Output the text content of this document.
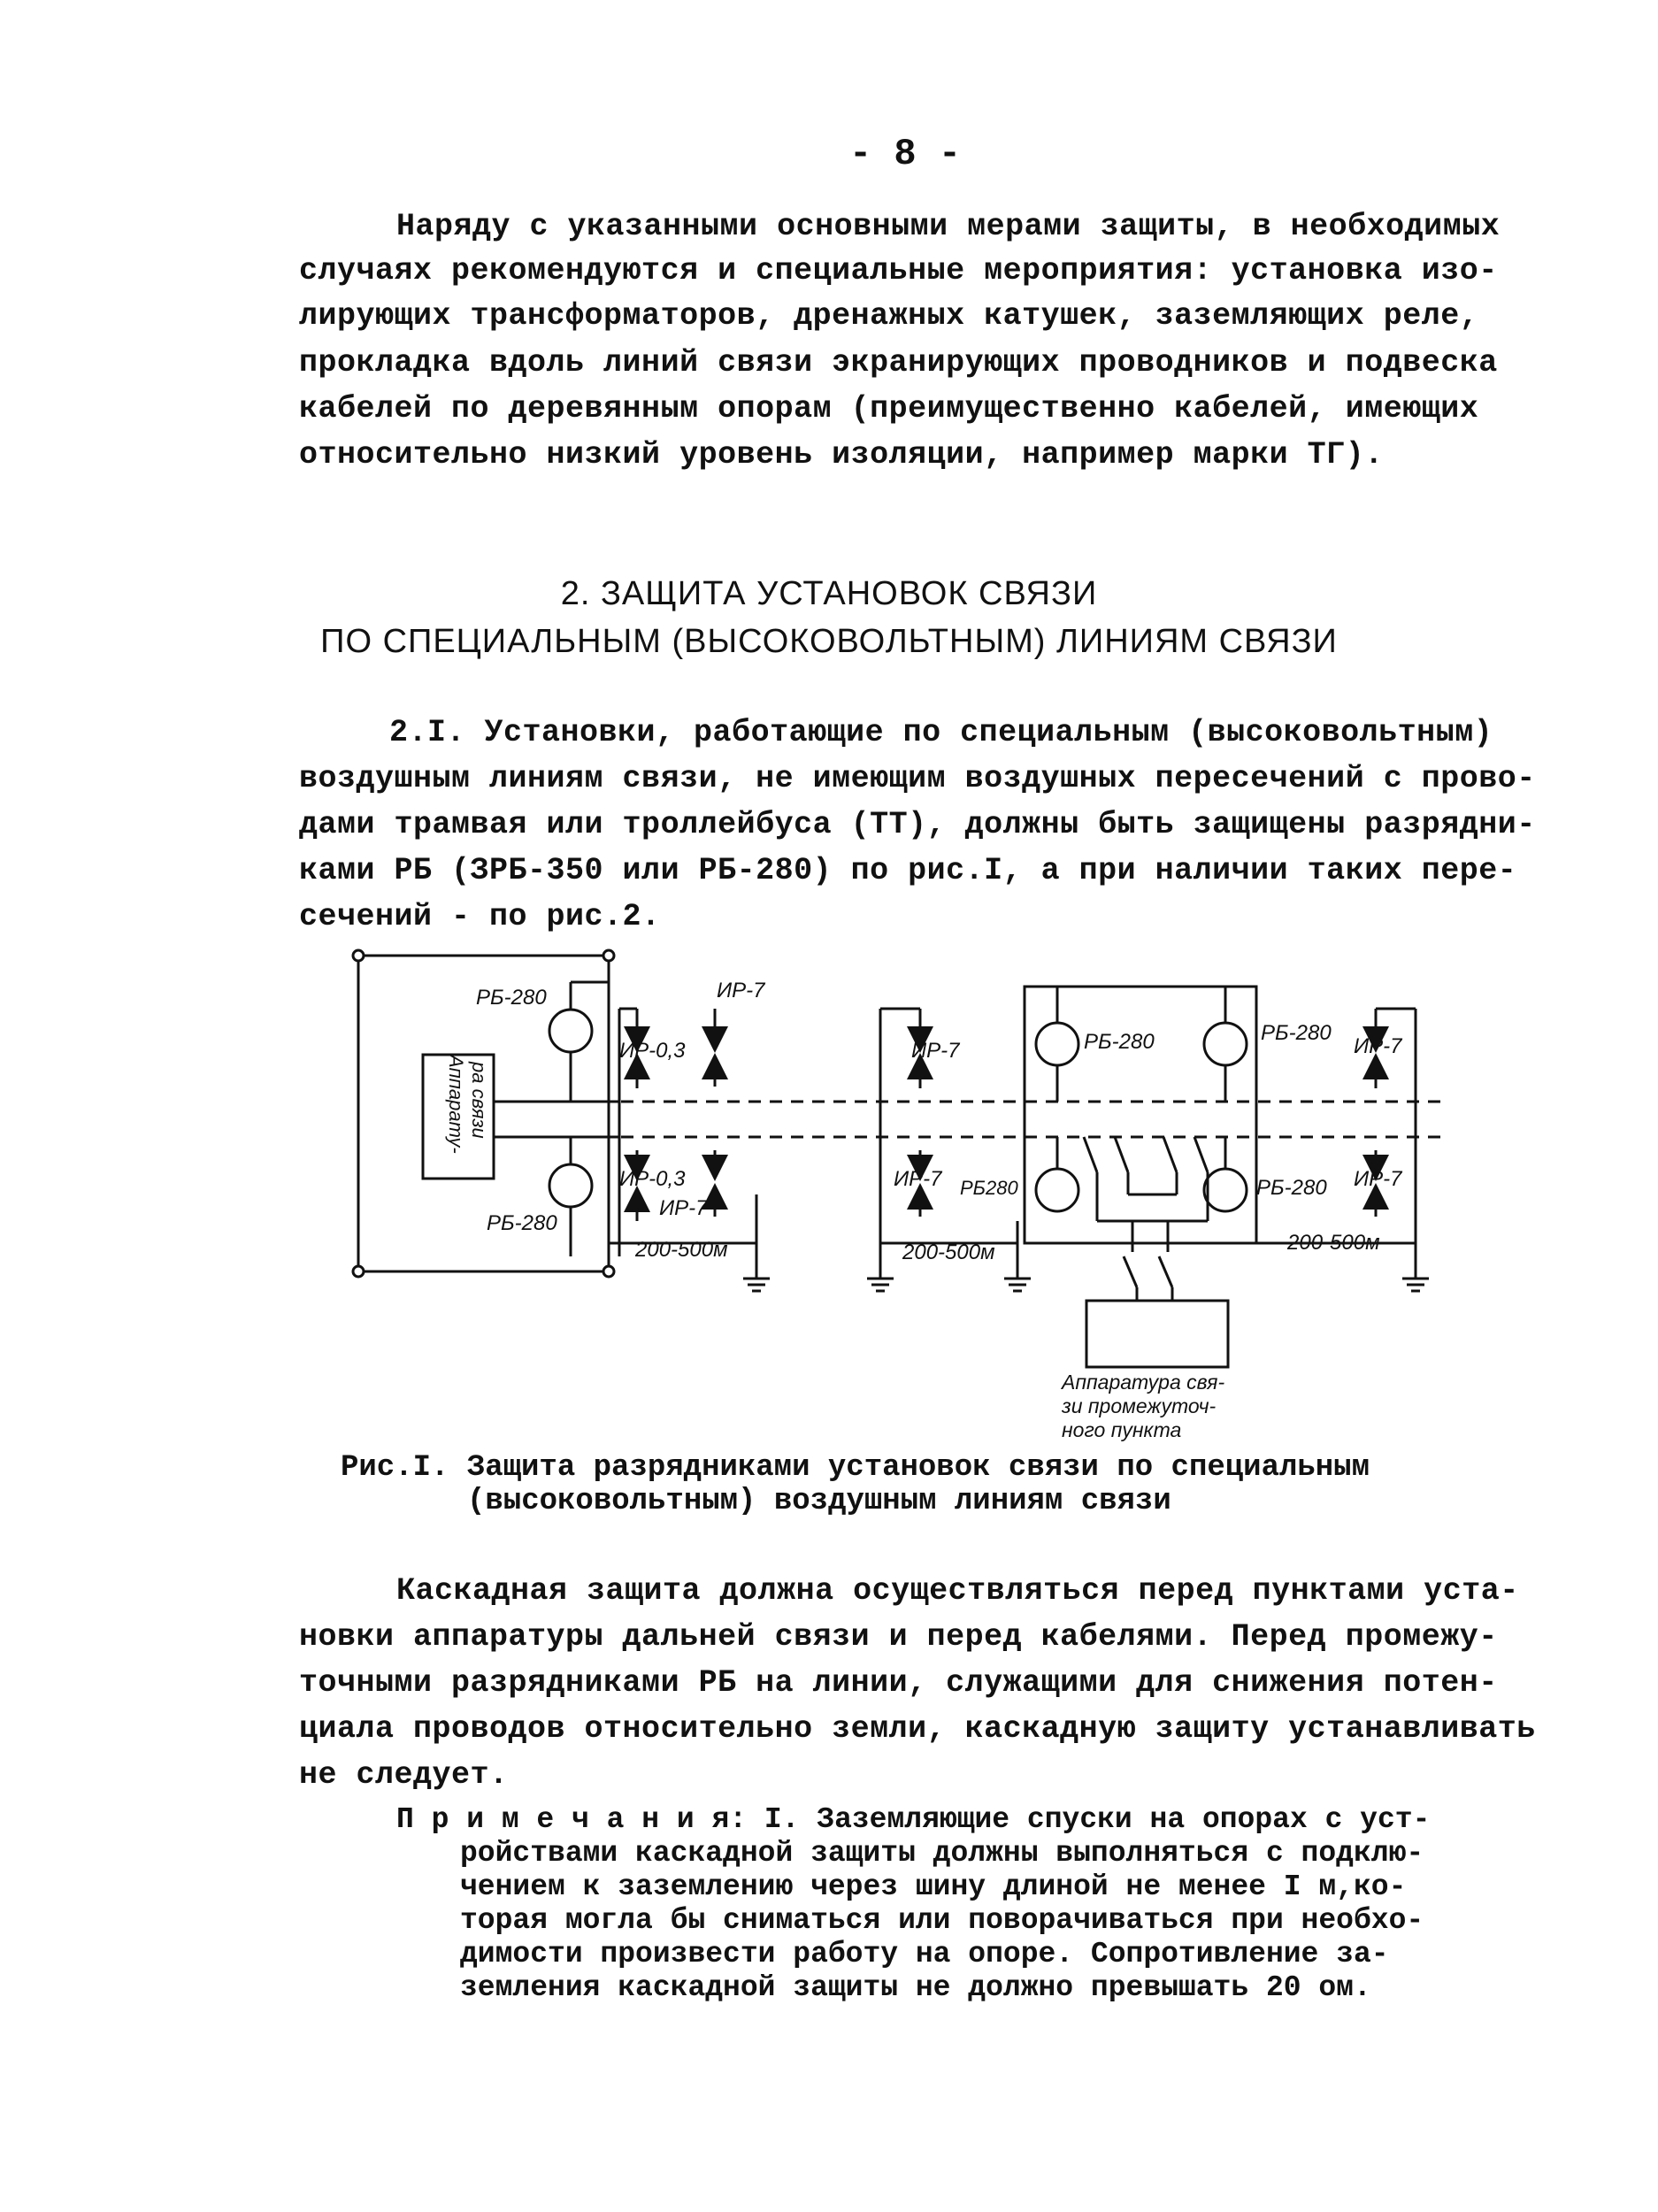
- 8 -
Наряду с указанными основными мерами защиты, в необходимых
случаях рекомендуются и специальные мероприятия: установка изо-
лирующих трансформаторов, дренажных катушек, заземляющих реле,
прокладка вдоль линий связи экранирующих проводников и подвеска
кабелей по деревянным опорам (преимущественно кабелей, имеющих
относительно низкий уровень изоляции, например марки ТГ).
2. ЗАЩИТА УСТАНОВОК СВЯЗИ
ПО СПЕЦИАЛЬНЫМ (ВЫСОКОВОЛЬТНЫМ) ЛИНИЯМ СВЯЗИ
2.I. Установки, работающие по специальным (высоковольтным)
воздушным линиям связи, не имеющим воздушных пересечений с прово-
дами трамвая или троллейбуса (ТТ), должны быть защищены разрядни-
ками РБ (ЗРБ-350 или РБ-280) по рис.I, а при наличии таких пере-
сечений - по рис.2.
РБ-280
РБ-280
ИР-0,3
ИР-0,3
ИР-7
ИР-7
ИР-7
ИР-7
РБ-280	РБ-280
РБ280	РБ-280
ИР-7
ИР-7
200-500м	200-500м	200-500м
Аппарату- ра связи
Аппаратура свя-
зи промежуточ-
ного пункта
Рис.I. Защита разрядниками установок связи по специальным
(высоковольтным) воздушным линиям связи
Каскадная защита должна осуществляться перед пунктами уста-
новки аппаратуры дальней связи и перед кабелями. Перед промежу-
точными разрядниками РБ на линии, служащими для снижения потен-
циала проводов относительно земли, каскадную защиту устанавливать
не следует.
П р и м е ч а н и я: I. Заземляющие спуски на опорах с уст-
ройствами каскадной защиты должны выполняться с подклю-
чением к заземлению через шину длиной не менее I м,ко-
торая могла бы сниматься или поворачиваться при необхо-
димости произвести работу на опоре. Сопротивление за-
земления каскадной защиты не должно превышать 20 ом.
